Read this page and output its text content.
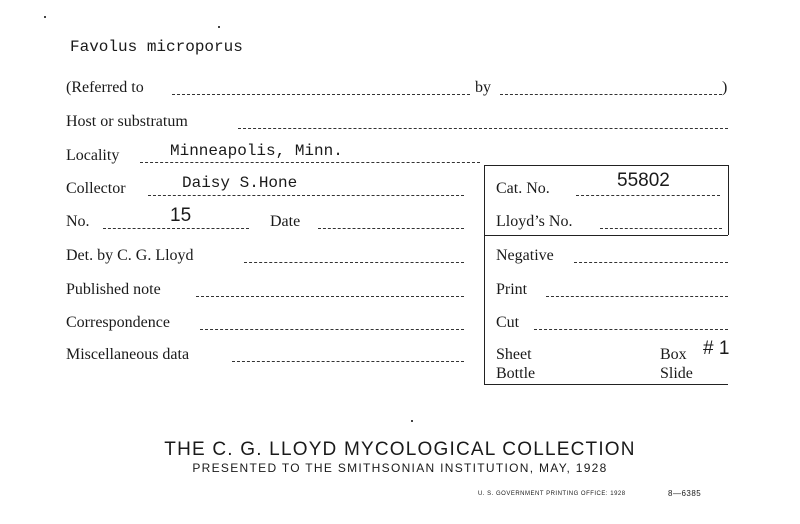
Favolus microporus
(Referred to	by	)
Host or substratum
Locality	Minneapolis, Minn.
Collector	Daisy S.Hone
No.	15	Date
Det. by C. G. Lloyd
Published note
Correspondence
Miscellaneous data
Cat. No.	55802
Lloyd’s No.
Negative
Print
Cut
Sheet
Bottle
Box # 1
Slide
THE C. G. LLOYD MYCOLOGICAL COLLECTION
PRESENTED TO THE SMITHSONIAN INSTITUTION, MAY, 1928
U. S. GOVERNMENT PRINTING OFFICE: 1928	8—6385
